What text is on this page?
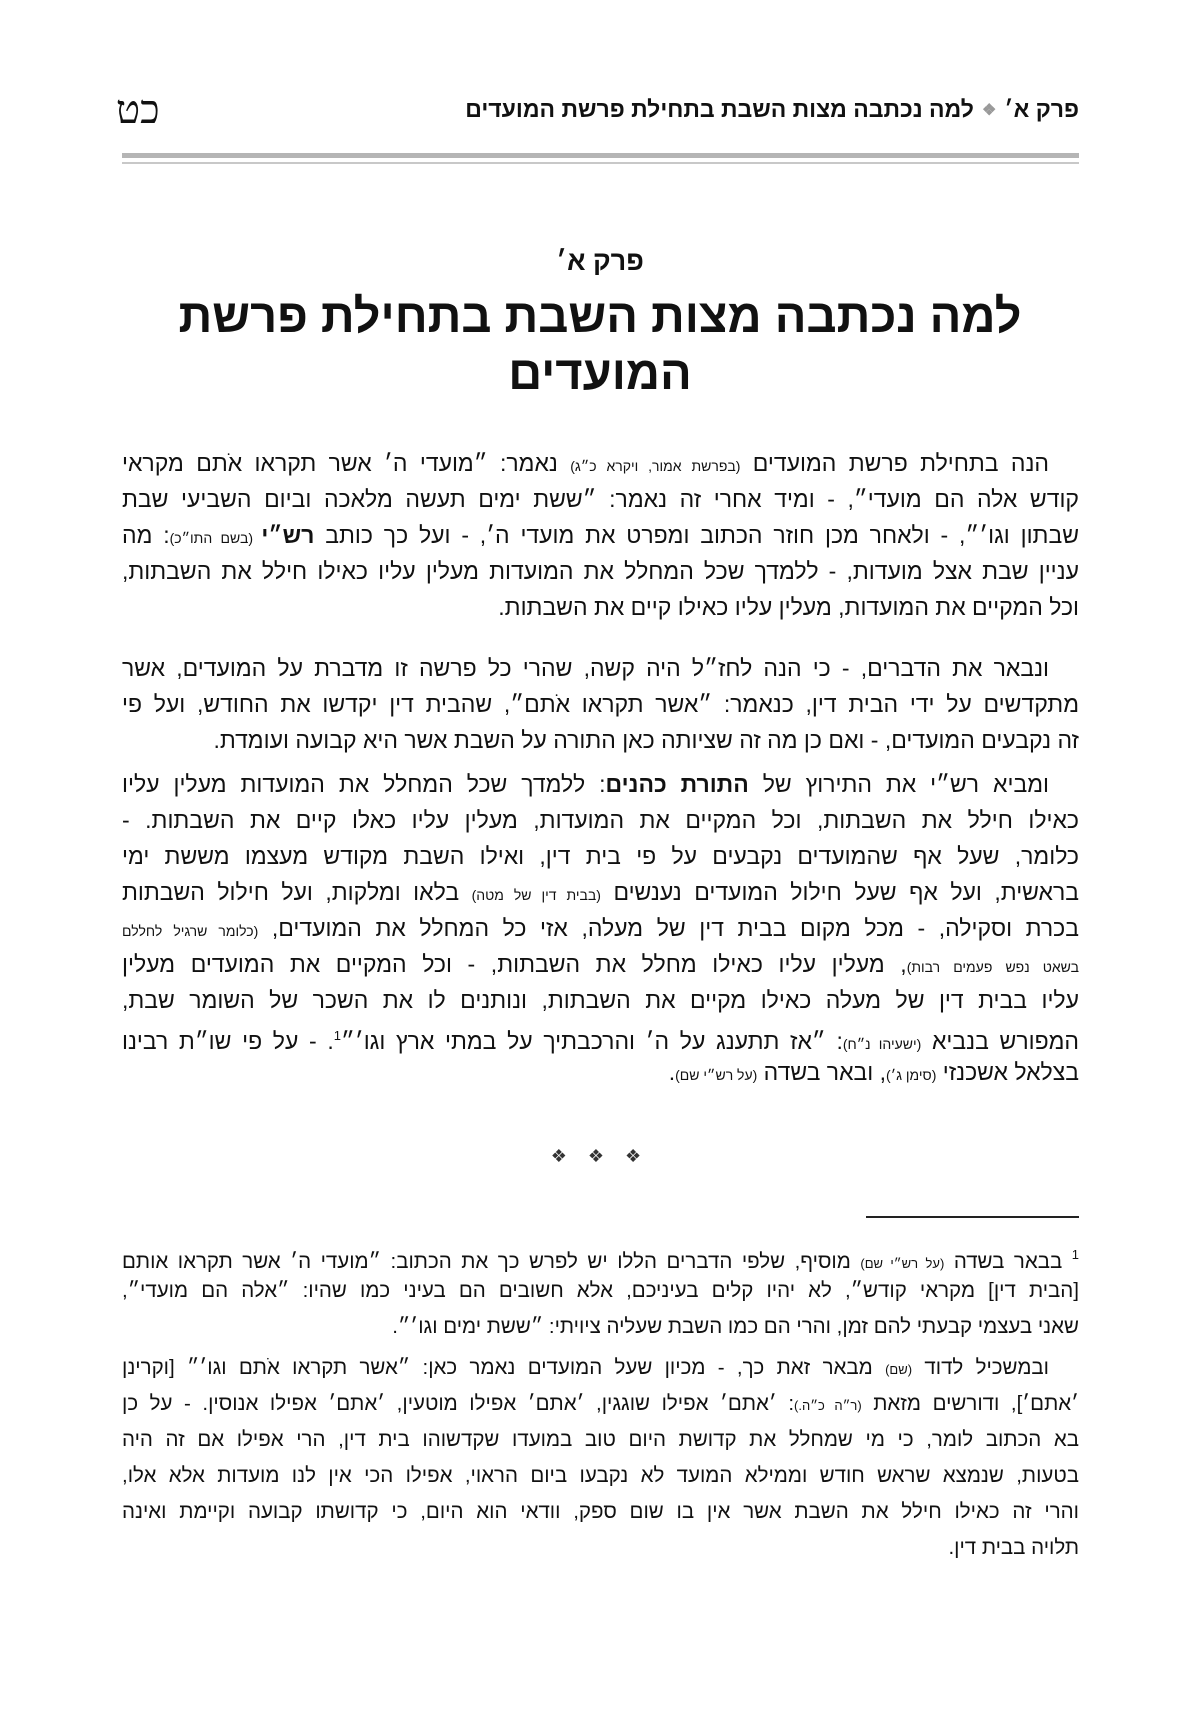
פרק א׳❖למה נכתבה מצות השבת בתחילת פרשת המועדים
כט
פרק א׳
למה נכתבה מצות השבת בתחילת פרשת
המועדים
הנה בתחילת פרשת המועדים (בפרשת אמור, ויקרא כ״ג) נאמר: ״מועדי ה׳ אשר תקראו אֹתם מקראי
קודש אלה הם מועדי״, - ומיד אחרי זה נאמר: ״ששת ימים תעשה מלאכה וביום השביעי שבת
שבתון וגו׳״, - ולאחר מכן חוזר הכתוב ומפרט את מועדי ה׳, - ועל כך כותב רש״י (בשם התו״כ): מה
עניין שבת אצל מועדות, - ללמדך שכל המחלל את המועדות מעלין עליו כאילו חילל את השבתות,
וכל המקיים את המועדות, מעלין עליו כאילו קיים את השבתות.
ונבאר את הדברים, - כי הנה לחז״ל היה קשה, שהרי כל פרשה זו מדברת על המועדים, אשר
מתקדשים על ידי הבית דין, כנאמר: ״אשר תקראו אֹתם״, שהבית דין יקדשו את החודש, ועל פי
זה נקבעים המועדים, - ואם כן מה זה שציותה כאן התורה על השבת אשר היא קבועה ועומדת.
ומביא רש״י את התירוץ של התורת כהנים: ללמדך שכל המחלל את המועדות מעלין עליו
כאילו חילל את השבתות, וכל המקיים את המועדות, מעלין עליו כאלו קיים את השבתות. -
כלומר, שעל אף שהמועדים נקבעים על פי בית דין, ואילו השבת מקודש מעצמו מששת ימי
בראשית, ועל אף שעל חילול המועדים נענשים (בבית דין של מטה) בלאו ומלקות, ועל חילול השבתות
בכרת וסקילה, - מכל מקום בבית דין של מעלה, אזי כל המחלל את המועדים, (כלומר שרגיל לחללם
בשאט נפש פעמים רבות), מעלין עליו כאילו מחלל את השבתות, - וכל המקיים את המועדים מעלין
עליו בבית דין של מעלה כאילו מקיים את השבתות, ונותנים לו את השכר של השומר שבת,
המפורש בנביא (ישעיהו נ״ח): ״אז תתענג על ה׳ והרכבתיך על במתי ארץ וגו׳״$^1$. - על פי שו״ת רבינו
בצלאל אשכנזי (סימן ג׳), ובאר בשדה (על רש״י שם).
❖ ❖ ❖
$^1$ בבאר בשדה (על רש״י שם) מוסיף, שלפי הדברים הללו יש לפרש כך את הכתוב: ״מועדי ה׳ אשר תקראו אותם
[הבית דין] מקראי קודש״, לא יהיו קלים בעיניכם, אלא חשובים הם בעיני כמו שהיו: ״אלה הם מועדי״,
שאני בעצמי קבעתי להם זמן, והרי הם כמו השבת שעליה ציויתי: ״ששת ימים וגו׳״.
ובמשכיל לדוד (שם) מבאר זאת כך, - מכיון שעל המועדים נאמר כאן: ״אשר תקראו אֹתם וגו׳״ [וקרינן
׳אתם׳], ודורשים מזאת (ר״ה כ״ה.): ׳אתם׳ אפילו שוגגין, ׳אתם׳ אפילו מוטעין, ׳אתם׳ אפילו אנוסין. - על כן
בא הכתוב לומר, כי מי שמחלל את קדושת היום טוב במועדו שקדשוהו בית דין, הרי אפילו אם זה היה
בטעות, שנמצא שראש חודש וממילא המועד לא נקבעו ביום הראוי, אפילו הכי אין לנו מועדות אלא אלו,
והרי זה כאילו חילל את השבת אשר אין בו שום ספק, וודאי הוא היום, כי קדושתו קבועה וקיימת ואינה
תלויה בבית דין.
